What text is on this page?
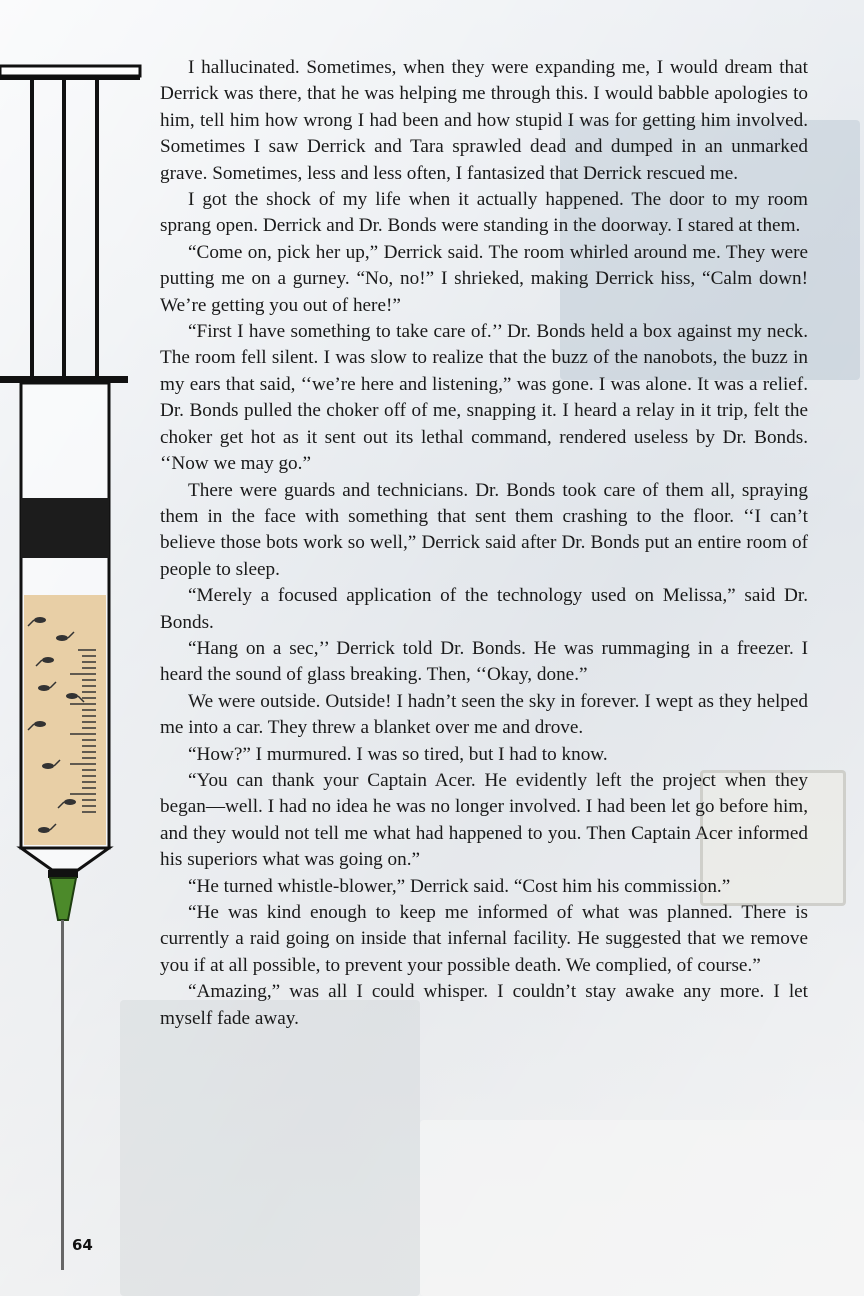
I hallucinated. Sometimes, when they were expanding me, I would dream that Derrick was there, that he was helping me through this. I would babble apologies to him, tell him how wrong I had been and how stupid I was for getting him involved. Sometimes I saw Derrick and Tara sprawled dead and dumped in an unmarked grave. Sometimes, less and less often, I fantasized that Derrick rescued me.

I got the shock of my life when it actually happened. The door to my room sprang open. Derrick and Dr. Bonds were standing in the doorway. I stared at them.

“Come on, pick her up,” Derrick said. The room whirled around me. They were putting me on a gurney. “No, no!” I shrieked, making Derrick hiss, “Calm down! We’re getting you out of here!”

“First I have something to take care of.’’ Dr. Bonds held a box against my neck. The room fell silent. I was slow to realize that the buzz of the nanobots, the buzz in my ears that said, ‘‘we’re here and listening,” was gone. I was alone. It was a relief. Dr. Bonds pulled the choker off of me, snapping it. I heard a relay in it trip, felt the choker get hot as it sent out its lethal command, rendered useless by Dr. Bonds. ‘‘Now we may go.”

There were guards and technicians. Dr. Bonds took care of them all, spraying them in the face with something that sent them crashing to the floor. ‘‘I can’t believe those bots work so well,” Derrick said after Dr. Bonds put an entire room of people to sleep.

“Merely a focused application of the technology used on Melissa,” said Dr. Bonds.

“Hang on a sec,’’ Derrick told Dr. Bonds. He was rummaging in a freezer. I heard the sound of glass breaking. Then, ‘‘Okay, done.”

We were outside. Outside! I hadn’t seen the sky in forever. I wept as they helped me into a car. They threw a blanket over me and drove.

“How?” I murmured. I was so tired, but I had to know.

“You can thank your Captain Acer. He evidently left the project when they began—well. I had no idea he was no longer involved. I had been let go before him, and they would not tell me what had happened to you. Then Captain Acer informed his superiors what was going on.”

“He turned whistle-blower,” Derrick said. “Cost him his commission.”

“He was kind enough to keep me informed of what was planned. There is currently a raid going on inside that infernal facility. He suggested that we remove you if at all possible, to prevent your possible death. We complied, of course.”

“Amazing,” was all I could whisper. I couldn’t stay awake any more. I let myself fade away.

64
